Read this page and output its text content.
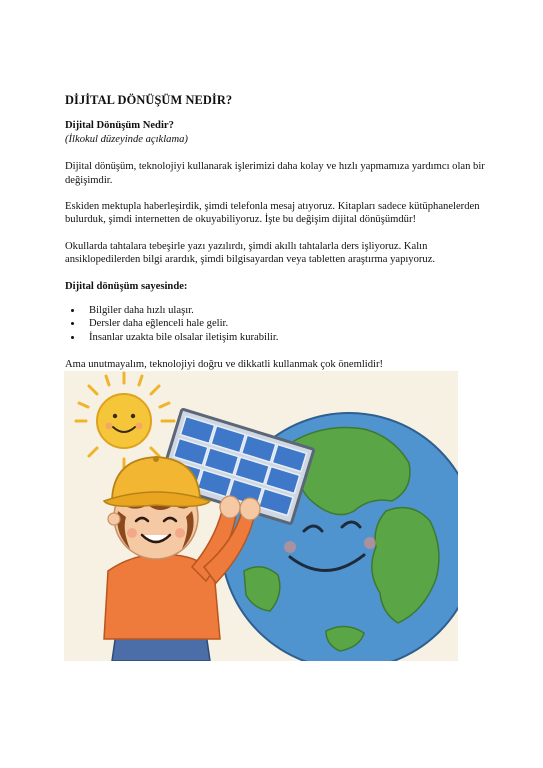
DİJİTAL DÖNÜŞÜM NEDİR?
Dijital Dönüşüm Nedir?
(İlkokul düzeyinde açıklama)

Dijital dönüşüm, teknolojiyi kullanarak işlerimizi daha kolay ve hızlı yapmamıza yardımcı olan bir değişimdir.

Eskiden mektupla haberleşirdik, şimdi telefonla mesaj atıyoruz. Kitapları sadece kütüphanelerden bulurduk, şimdi internetten de okuyabiliyoruz. İşte bu değişim dijital dönüşümdür!

Okullarda tahtalara tebeşirle yazı yazılırdı, şimdi akıllı tahtalarla ders işliyoruz. Kalın ansiklopedilerden bilgi arardık, şimdi bilgisayardan veya tabletten araştırma yapıyoruz.

Dijital dönüşüm sayesinde:
• Bilgiler daha hızlı ulaşır.
• Dersler daha eğlenceli hale gelir.
• İnsanlar uzakta bile olsalar iletişim kurabilir.

Ama unutmayalım, teknolojiyi doğru ve dikkatli kullanmak çok önemlidir!
